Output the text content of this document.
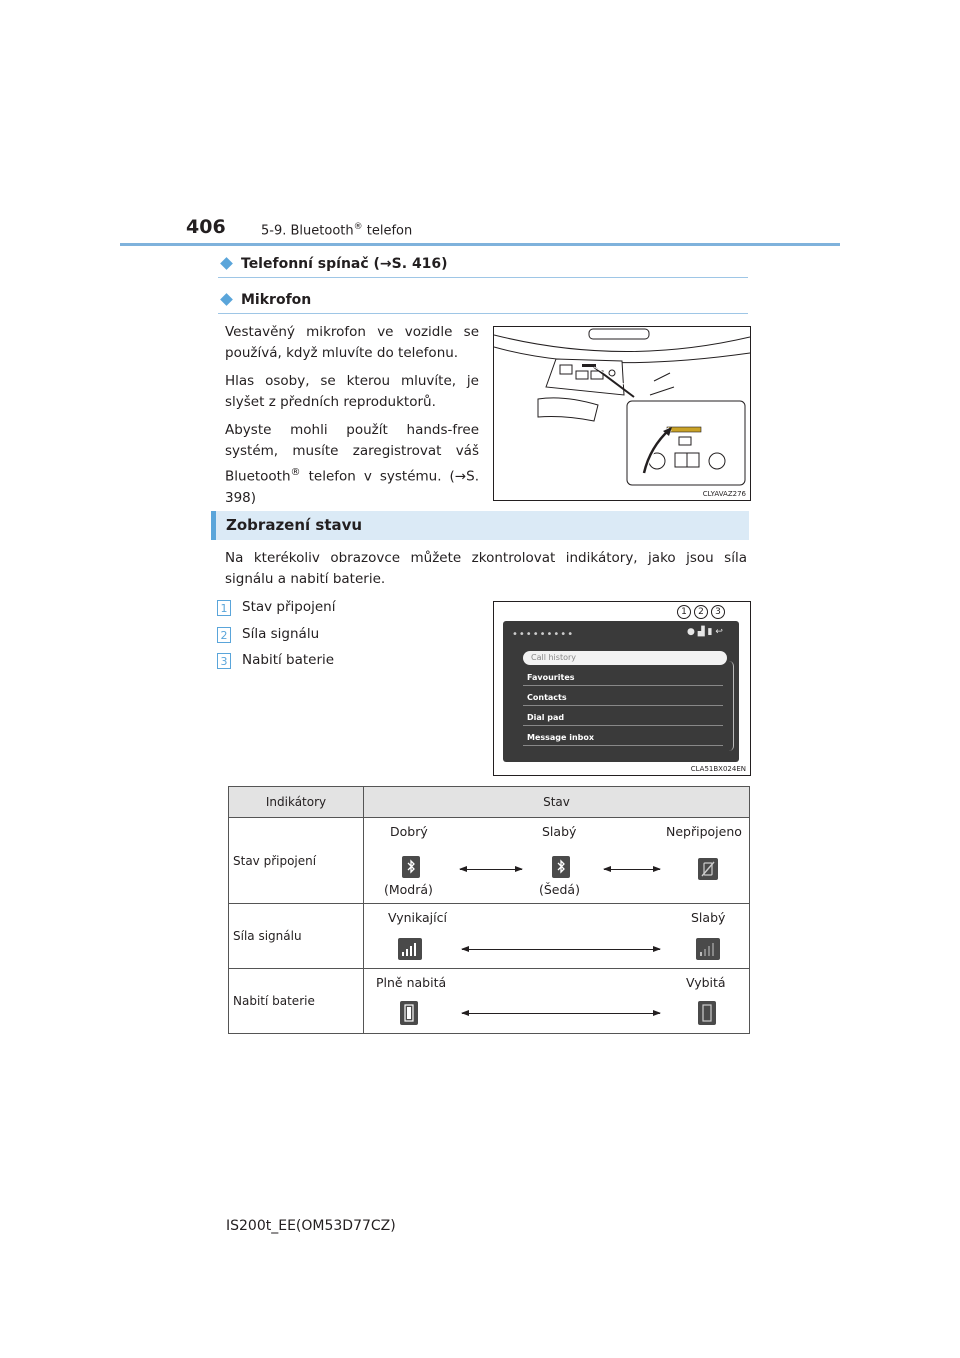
406	5-9. Bluetooth® telefon
Telefonní spínač (→S. 416)
Mikrofon
Vestavěný mikrofon ve vozidle se používá, když mluvíte do telefonu.
Hlas osoby, se kterou mluvíte, je slyšet z předních reproduktorů.
Abyste mohli použít hands-free systém, musíte zaregistrovat váš Bluetooth® telefon v systému. (→S. 398)	CLYAVAZ276
Zobrazení stavu
Na kterékoliv obrazovce můžete zkontrolovat indikátory, jako jsou síla signálu a nabití baterie.
1 Stav připojení
2 Síla signálu
3 Nabití baterie
•••••••••	● ▟ ▮ ↩
Call history
Favourites
Contacts
Dial pad
Message inbox
1	2	3
CLA51BX024EN
Indikátory	Stav
Stav připojení	Dobrý Slabý Nepřipojeno
(Modrá) (Šedá)

Síla signálu	Vynikající Slabý

Nabití baterie	Plně nabitá Vybitá
IS200t_EE(OM53D77CZ)
